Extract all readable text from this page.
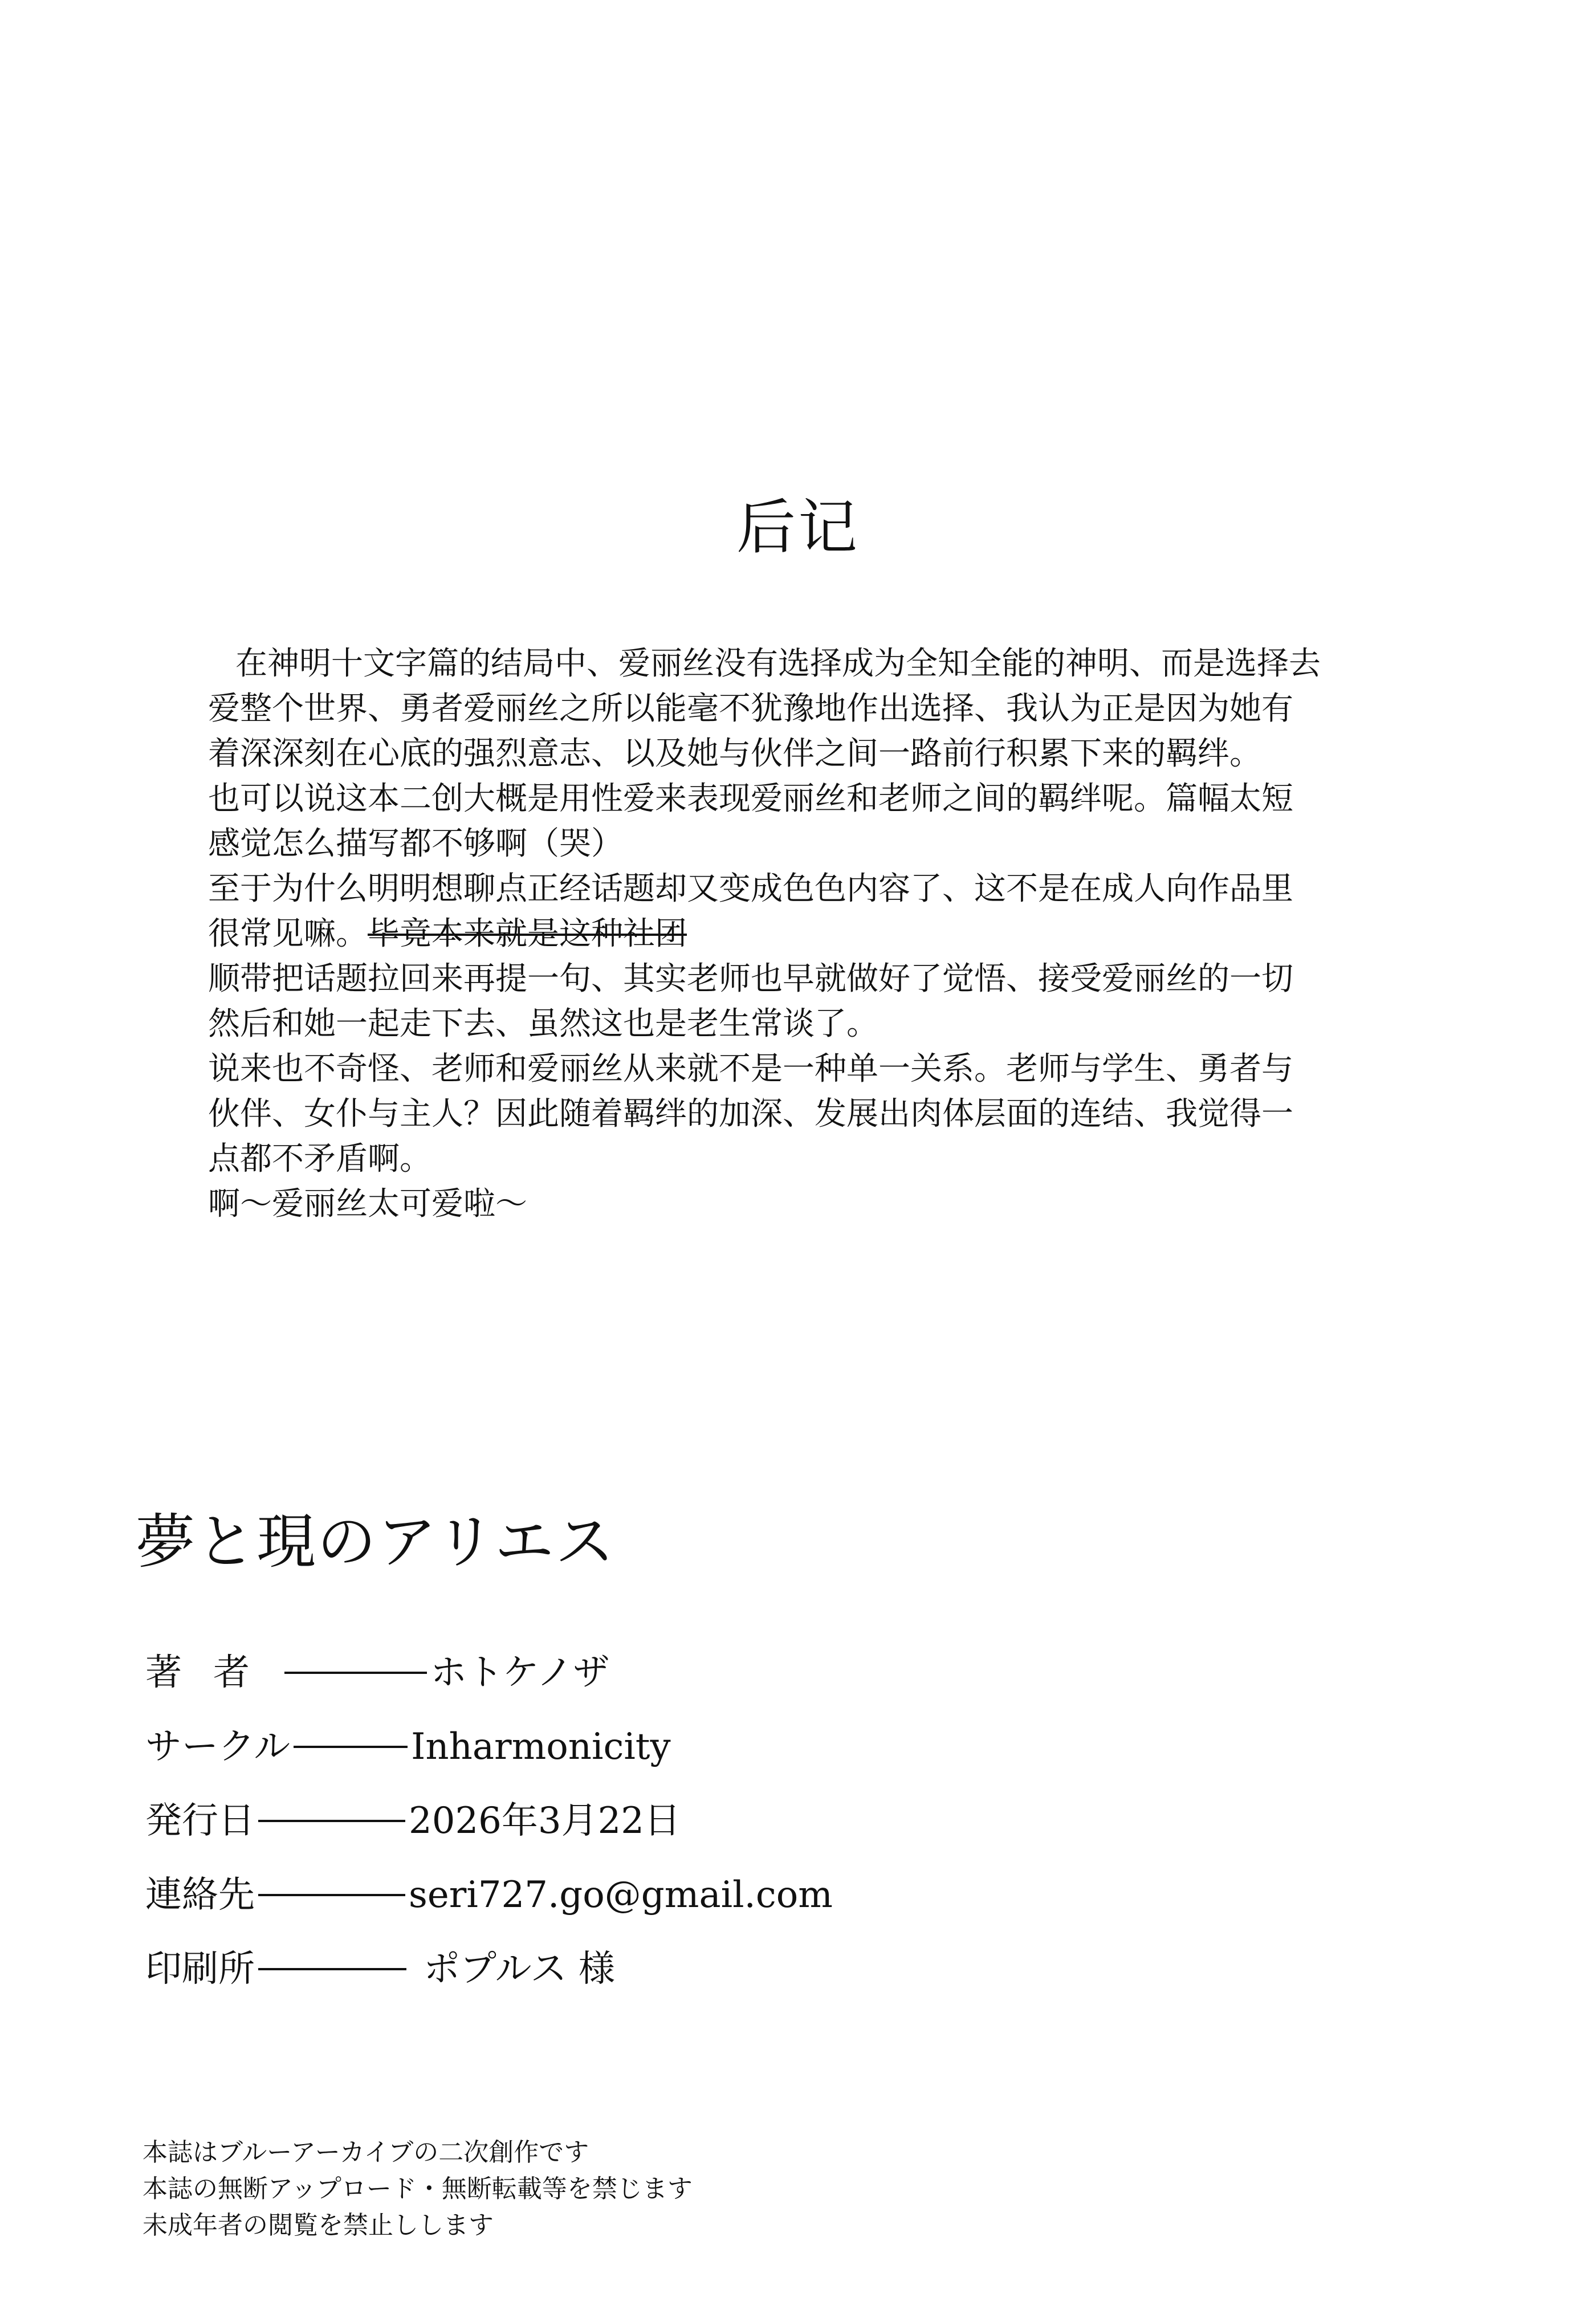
后记
在神明十文字篇的结局中、爱丽丝没有选择成为全知全能的神明、而是选择去
爱整个世界、勇者爱丽丝之所以能毫不犹豫地作出选择、我认为正是因为她有
着深深刻在心底的强烈意志、以及她与伙伴之间一路前行积累下来的羁绊。
也可以说这本二创大概是用性爱来表现爱丽丝和老师之间的羁绊呢。篇幅太短
感觉怎么描写都不够啊（哭）
至于为什么明明想聊点正经话题却又变成色色内容了、这不是在成人向作品里
很常见嘛。毕竟本来就是这种社团
顺带把话题拉回来再提一句、其实老师也早就做好了觉悟、接受爱丽丝的一切
然后和她一起走下去、虽然这也是老生常谈了。
说来也不奇怪、老师和爱丽丝从来就不是一种单一关系。老师与学生、勇者与
伙伴、女仆与主人？因此随着羁绊的加深、发展出肉体层面的连结、我觉得一
点都不矛盾啊。
啊～爱丽丝太可爱啦～
夢と現のアリエス
著者	ホトケノザ
サークル	Inharmonicity
発行日	2026年3月22日
連絡先	seri727.go@gmail.com
印刷所	ポプルス 様
本誌はブルーアーカイブの二次創作です
本誌の無断アップロード・無断転載等を禁じます
未成年者の閲覧を禁止しします
